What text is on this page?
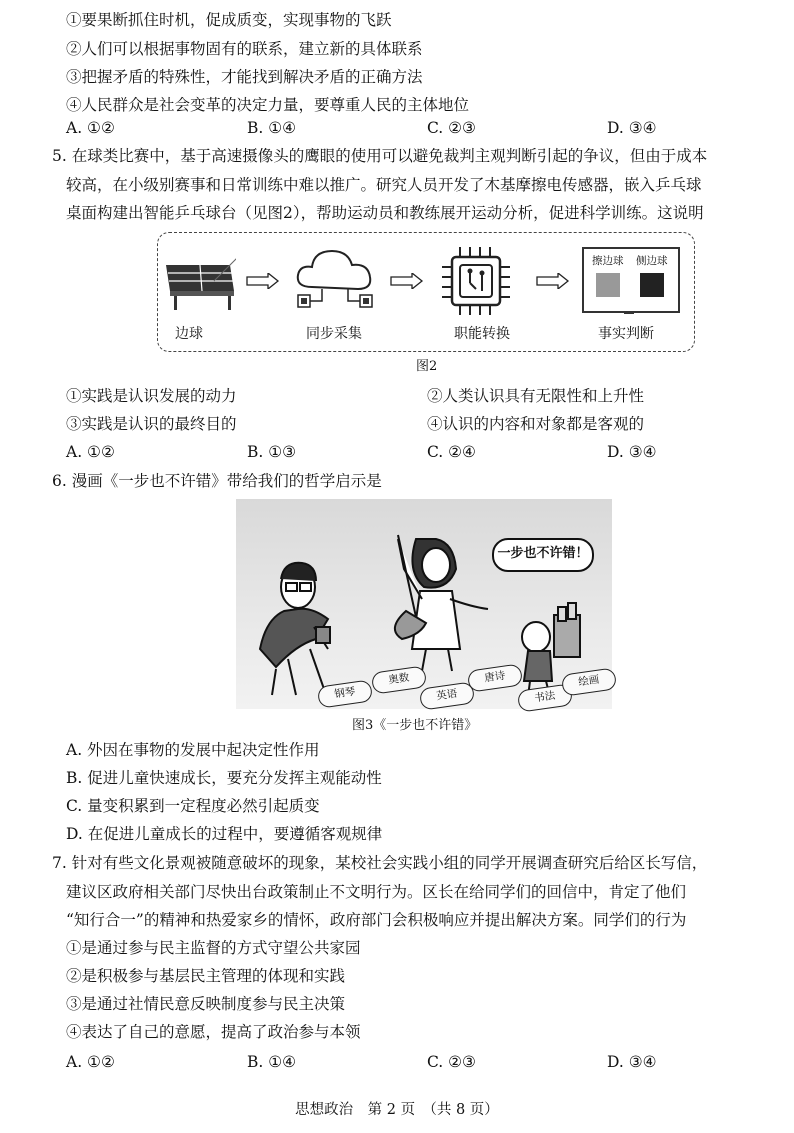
①要果断抓住时机，促成质变，实现事物的飞跃
②人们可以根据事物固有的联系，建立新的具体联系
③把握矛盾的特殊性，才能找到解决矛盾的正确方法
④人民群众是社会变革的决定力量，要尊重人民的主体地位
A. ①②	B. ①④	C. ②③	D. ③④
5. 在球类比赛中，基于高速摄像头的鹰眼的使用可以避免裁判主观判断引起的争议，但由于成本
较高，在小级别赛事和日常训练中难以推广。研究人员开发了木基摩擦电传感器，嵌入乒乓球
桌面构建出智能乒乓球台（见图2），帮助运动员和教练展开运动分析，促进科学训练。这说明
边球	同步采集	职能转换
擦边球 侧边球
事实判断
图2
①实践是认识发展的动力	②人类认识具有无限性和上升性
③实践是认识的最终目的	④认识的内容和对象都是客观的
A. ①②	B. ①③	C. ②④	D. ③④
6. 漫画《一步也不许错》带给我们的哲学启示是
钢琴
奥数
英语
唐诗
书法
绘画
一步也不许错！
图3《一步也不许错》
A. 外因在事物的发展中起决定性作用
B. 促进儿童快速成长，要充分发挥主观能动性
C. 量变积累到一定程度必然引起质变
D. 在促进儿童成长的过程中，要遵循客观规律
7. 针对有些文化景观被随意破坏的现象，某校社会实践小组的同学开展调查研究后给区长写信，
建议区政府相关部门尽快出台政策制止不文明行为。区长在给同学们的回信中，肯定了他们
“知行合一”的精神和热爱家乡的情怀，政府部门会积极响应并提出解决方案。同学们的行为
①是通过参与民主监督的方式守望公共家园
②是积极参与基层民主管理的体现和实践
③是通过社情民意反映制度参与民主决策
④表达了自己的意愿，提高了政治参与本领
A. ①②	B. ①④	C. ②③	D. ③④
思想政治　第 2 页　（共 8 页）
